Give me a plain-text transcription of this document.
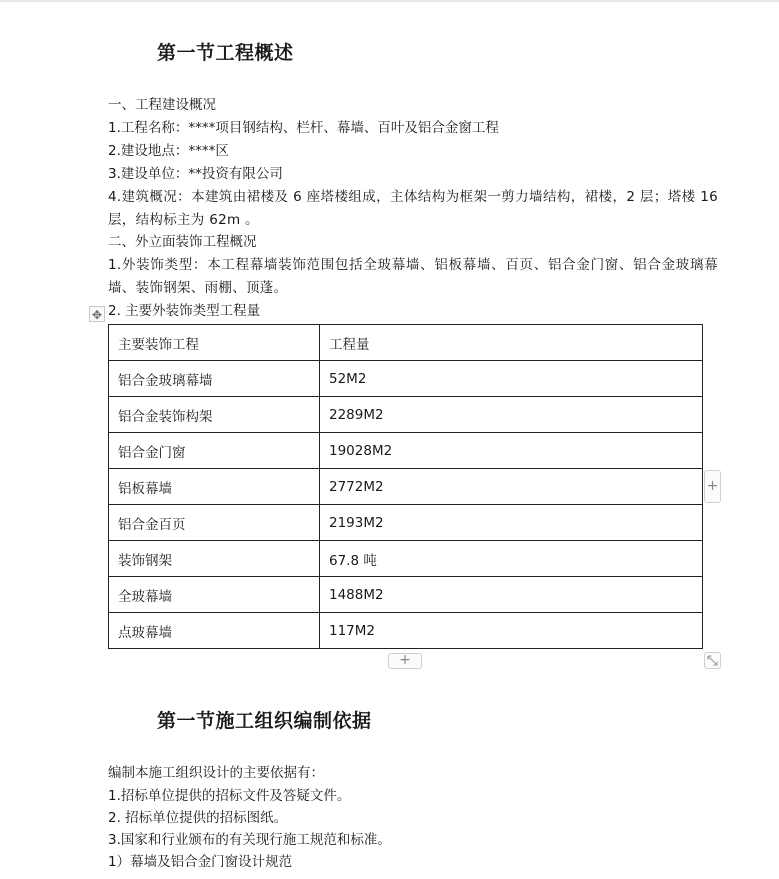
第一节工程概述

一、工程建设概况

1.工程名称：****项目钢结构、栏杆、幕墙、百叶及铝合金窗工程

2.建设地点：****区

3.建设单位：**投资有限公司

4.建筑概况：本建筑由裙楼及 6 座塔楼组成，主体结构为框架一剪力墙结构，裙楼，2 层；塔楼 16 层，结构标主为 62m 。

二、外立面装饰工程概况

1.外装饰类型：本工程幕墙装饰范围包括全玻幕墙、铝板幕墙、百页、铝合金门窗、铝合金玻璃幕墙、装饰钢架、雨棚、顶蓬。

✥ 2. 主要外装饰类型工程量

主要装饰工程	工程量
铝合金玻璃幕墙	52M2
铝合金装饰构架	2289M2
铝合金门窗	19028M2
铝板幕墙	2772M2
铝合金百页	2193M2
装饰钢架	67.8 吨
全玻幕墙	1488M2
点玻幕墙	117M2
+
+
第一节施工组织编制依据

编制本施工组织设计的主要依据有：

1.招标单位提供的招标文件及答疑文件。

2. 招标单位提供的招标图纸。

3.国家和行业颁布的有关现行施工规范和标准。

1）幕墙及铝合金门窗设计规范
